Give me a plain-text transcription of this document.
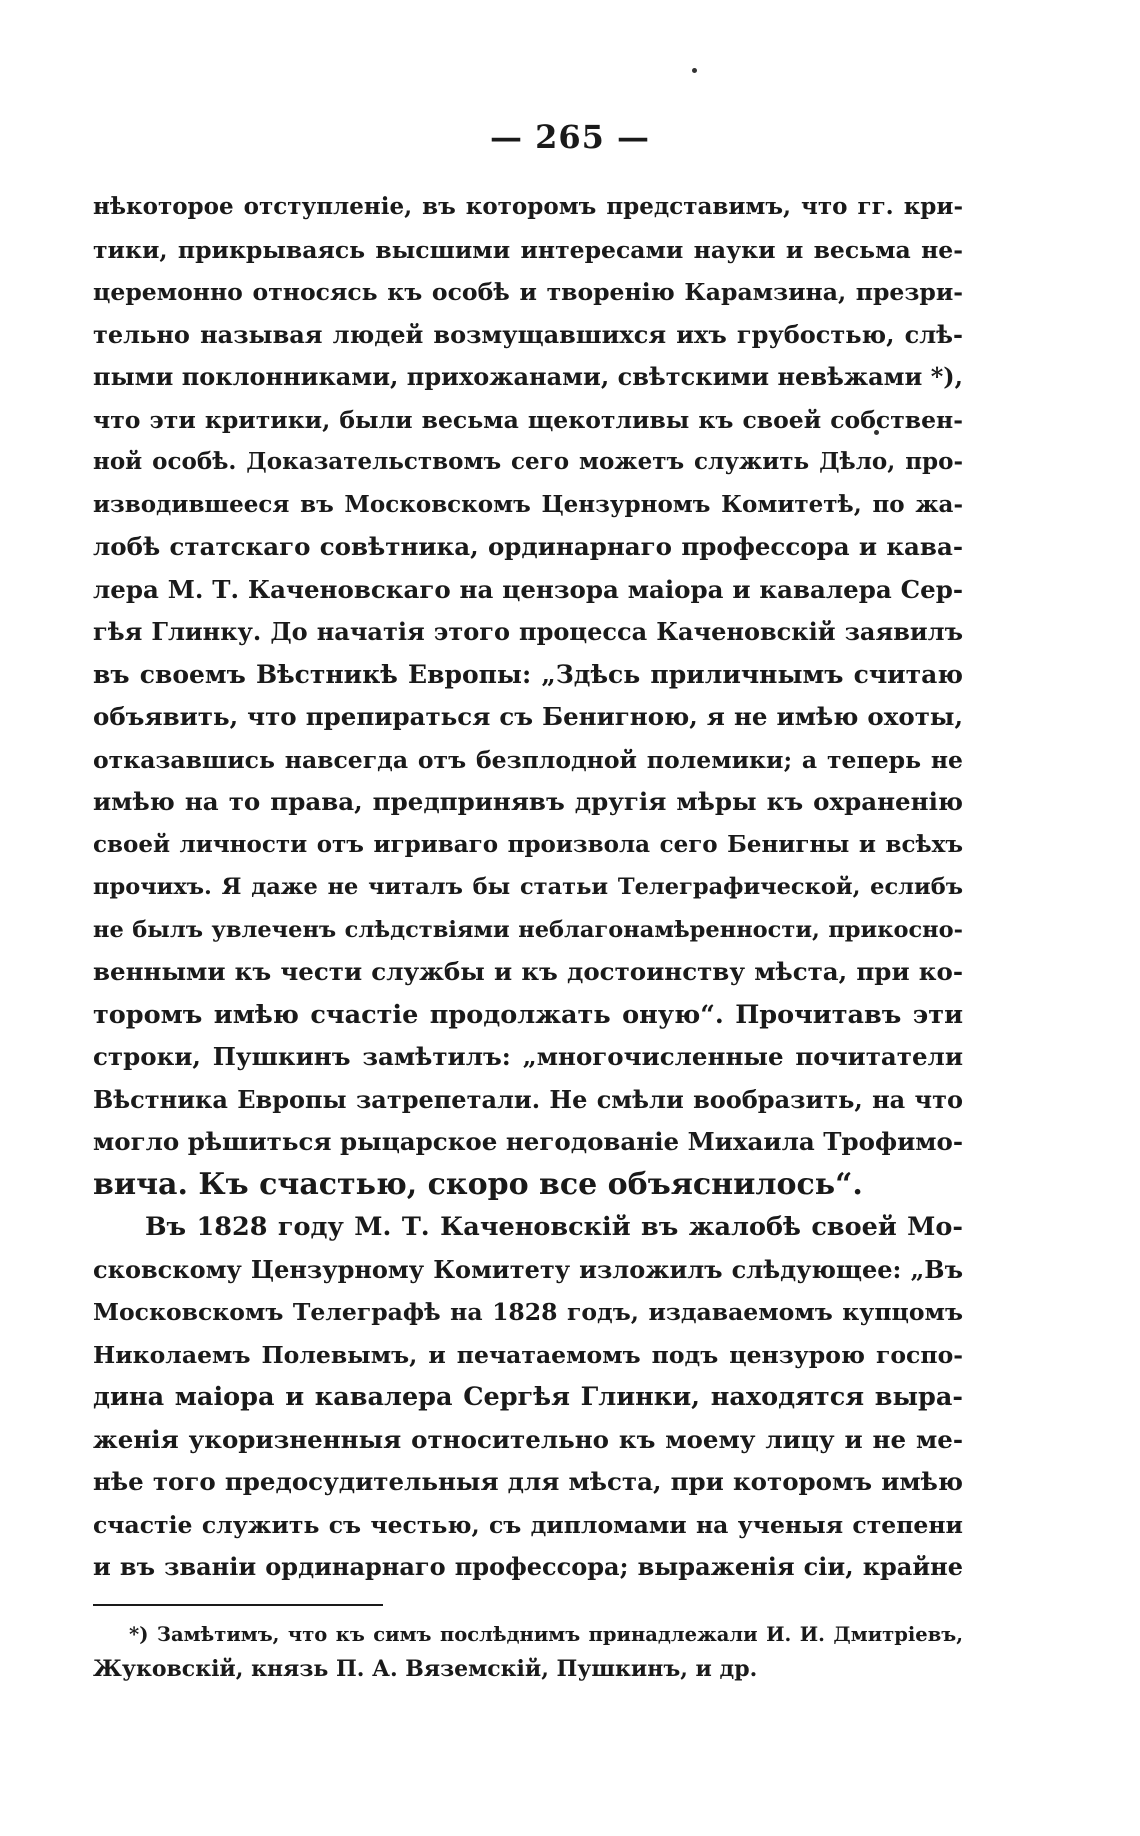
— 265 —
нѣкоторое отступленіе, въ которомъ представимъ, что гг. кри-
тики, прикрываясь высшими интересами науки и весьма не-
церемонно относясь къ особѣ и творенію Карамзина, презри-
тельно называя людей возмущавшихся ихъ грубостью, слѣ-
пыми поклонниками, прихожанами, свѣтскими невѣжами *),
что эти критики, были весьма щекотливы къ своей собствен-
ной особѣ. Доказательствомъ сего можетъ служить Дѣло, про-
изводившееся въ Московскомъ Цензурномъ Комитетѣ, по жа-
лобѣ статскаго совѣтника, ординарнаго профессора и кава-
лера М. Т. Каченовскаго на цензора маіора и кавалера Сер-
гѣя Глинку. До начатія этого процесса Каченовскій заявилъ
въ своемъ Вѣстникѣ Европы: „Здѣсь приличнымъ считаю
объявить, что препираться съ Бенигною, я не имѣю охоты,
отказавшись навсегда отъ безплодной полемики; а теперь не
имѣю на то права, предпринявъ другія мѣры къ охраненію
своей личности отъ игриваго произвола сего Бенигны и всѣхъ
прочихъ. Я даже не читалъ бы статьи Телеграфической, еслибъ
не былъ увлеченъ слѣдствіями неблагонамѣренности, прикосно-
венными къ чести службы и къ достоинству мѣста, при ко-
торомъ имѣю счастіе продолжать оную“. Прочитавъ эти
строки, Пушкинъ замѣтилъ: „многочисленные почитатели
Вѣстника Европы затрепетали. Не смѣли вообразить, на что
могло рѣшиться рыцарское негодованіе Михаила Трофимо-
вича. Къ счастью, скоро все объяснилось“.
Въ 1828 году М. Т. Каченовскій въ жалобѣ своей Мо-
сковскому Цензурному Комитету изложилъ слѣдующее: „Въ
Московскомъ Телеграфѣ на 1828 годъ, издаваемомъ купцомъ
Николаемъ Полевымъ, и печатаемомъ подъ цензурою госпо-
дина маіора и кавалера Сергѣя Глинки, находятся выра-
женія укоризненныя относительно къ моему лицу и не ме-
нѣе того предосудительныя для мѣста, при которомъ имѣю
счастіе служить съ честью, съ дипломами на ученыя степени
и въ званіи ординарнаго профессора; выраженія сіи, крайне
*) Замѣтимъ, что къ симъ послѣднимъ принадлежали И. И. Дмитріевъ,
Жуковскій, князь П. А. Вяземскій, Пушкинъ, и др.
